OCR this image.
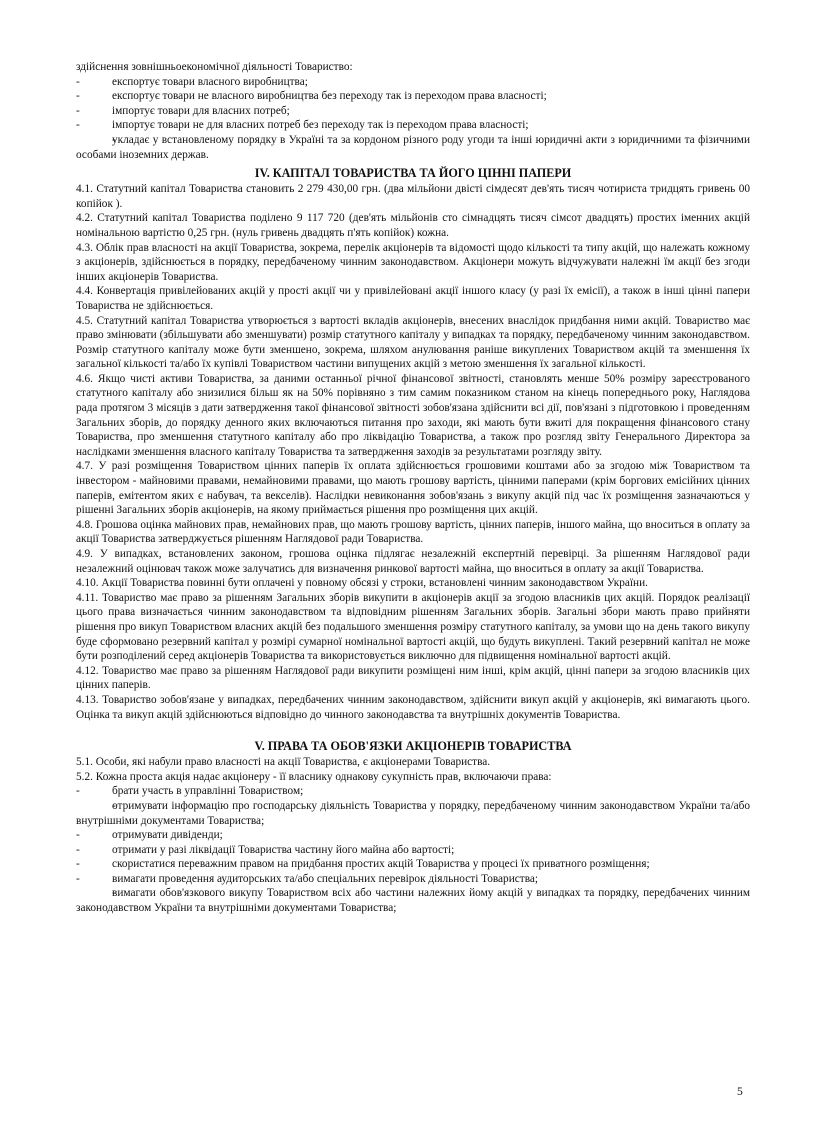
здійснення зовнішньоекономічної діяльності Товариство:

- експортує товари власного виробництва;

- експортує товари не власного виробництва без переходу так із переходом права власності;

- імпортує товари для власних потреб;

- імпортує товари не для власних потреб без переходу так із переходом права власності;

- укладає у встановленому порядку в Україні та за кордоном різного роду угоди та інші юридичні акти з юридичними та фізичними особами іноземних держав.

IV. КАПІТАЛ ТОВАРИСТВА ТА ЙОГО ЦІННІ ПАПЕРИ

4.1. Статутний капітал Товариства становить 2 279 430,00 грн. (два мільйони двісті сімдесят дев'ять тисяч чотириста тридцять гривень 00 копійок ).

4.2. Статутний капітал Товариства поділено 9 117 720 (дев'ять мільйонів сто сімнадцять тисяч сімсот двадцять) простих іменних акцій номінальною вартістю 0,25 грн. (нуль гривень двадцять п'ять копійок) кожна.

4.3. Облік прав власності на акції Товариства, зокрема, перелік акціонерів та відомості щодо кількості та типу акцій, що належать кожному з акціонерів, здійснюється в порядку, передбаченому чинним законодавством. Акціонери можуть відчужувати належні їм акції без згоди інших акціонерів Товариства.

4.4. Конвертація привілейованих акцій у прості акції чи у привілейовані акції іншого класу (у разі їх емісії), а також в інші цінні папери Товариства не здійснюється.

4.5. Статутний капітал Товариства утворюється з вартості вкладів акціонерів, внесених внаслідок придбання ними акцій. Товариство має право змінювати (збільшувати або зменшувати) розмір статутного капіталу у випадках та порядку, передбаченому чинним законодавством. Розмір статутного капіталу може бути зменшено, зокрема, шляхом анулювання раніше викуплених Товариством акцій та зменшення їх загальної кількості та/або їх купівлі Товариством частини випущених акцій з метою зменшення їх загальної кількості.

4.6. Якщо чисті активи Товариства, за даними останньої річної фінансової звітності, становлять менше 50% розміру зареєстрованого статутного капіталу або знизилися більш як на 50% порівняно з тим самим показником станом на кінець попереднього року, Наглядова рада протягом 3 місяців з дати затвердження такої фінансової звітності зобов'язана здійснити всі дії, пов'язані з підготовкою і проведенням Загальних зборів, до порядку денного яких включаються питання про заходи, які мають бути вжиті для покращення фінансового стану Товариства, про зменшення статутного капіталу або про ліквідацію Товариства, а також про розгляд звіту Генерального Директора за наслідками зменшення власного капіталу Товариства та затвердження заходів за результатами розгляду звіту.

4.7. У разі розміщення Товариством цінних паперів їх оплата здійснюється грошовими коштами або за згодою між Товариством та інвестором - майновими правами, немайновими правами, що мають грошову вартість, цінними паперами (крім боргових емісійних цінних паперів, емітентом яких є набувач, та векселів). Наслідки невиконання зобов'язань з викупу акцій під час їх розміщення зазначаються у рішенні Загальних зборів акціонерів, на якому приймається рішення про розміщення цих акцій.

4.8. Грошова оцінка майнових прав, немайнових прав, що мають грошову вартість, цінних паперів, іншого майна, що вноситься в оплату за акції Товариства затверджується рішенням Наглядової ради Товариства.

4.9. У випадках, встановлених законом, грошова оцінка підлягає незалежній експертній перевірці. За рішенням Наглядової ради незалежний оцінювач також може залучатись для визначення ринкової вартості майна, що вноситься в оплату за акції Товариства.

4.10. Акції Товариства повинні бути оплачені у повному обсязі у строки, встановлені чинним законодавством України.

4.11. Товариство має право за рішенням Загальних зборів викупити в акціонерів акції за згодою власників цих акцій. Порядок реалізації цього права визначається чинним законодавством та відповідним рішенням Загальних зборів. Загальні збори мають право прийняти рішення про викуп Товариством власних акцій без подальшого зменшення розміру статутного капіталу, за умови що на день такого викупу буде сформовано резервний капітал у розмірі сумарної номінальної вартості акцій, що будуть викуплені. Такий резервний капітал не може бути розподілений серед акціонерів Товариства та використовується виключно для підвищення номінальної вартості акцій.

4.12. Товариство має право за рішенням Наглядової ради викупити розміщені ним інші, крім акцій, цінні папери за згодою власників цих цінних паперів.

4.13. Товариство зобов'язане у випадках, передбачених чинним законодавством, здійснити викуп акцій у акціонерів, які вимагають цього. Оцінка та викуп акцій здійснюються відповідно до чинного законодавства та внутрішніх документів Товариства.

V. ПРАВА ТА ОБОВ'ЯЗКИ АКЦІОНЕРІВ ТОВАРИСТВА

5.1. Особи, які набули право власності на акції Товариства, є акціонерами Товариства.

5.2. Кожна проста акція надає акціонеру - її власнику однакову сукупність прав, включаючи права:

- брати участь в управлінні Товариством;

- отримувати інформацію про господарську діяльність Товариства у порядку, передбаченому чинним законодавством України та/або внутрішніми документами Товариства;

- отримувати дивіденди;

- отримати у разі ліквідації Товариства частину його майна або вартості;

- скористатися переважним правом на придбання простих акцій Товариства у процесі їх приватного розміщення;

- вимагати проведення аудиторських та/або спеціальних перевірок діяльності Товариства;

- вимагати обов'язкового викупу Товариством всіх або частини належних йому акцій у випадках та порядку, передбачених чинним законодавством України та внутрішніми документами Товариства;

5
